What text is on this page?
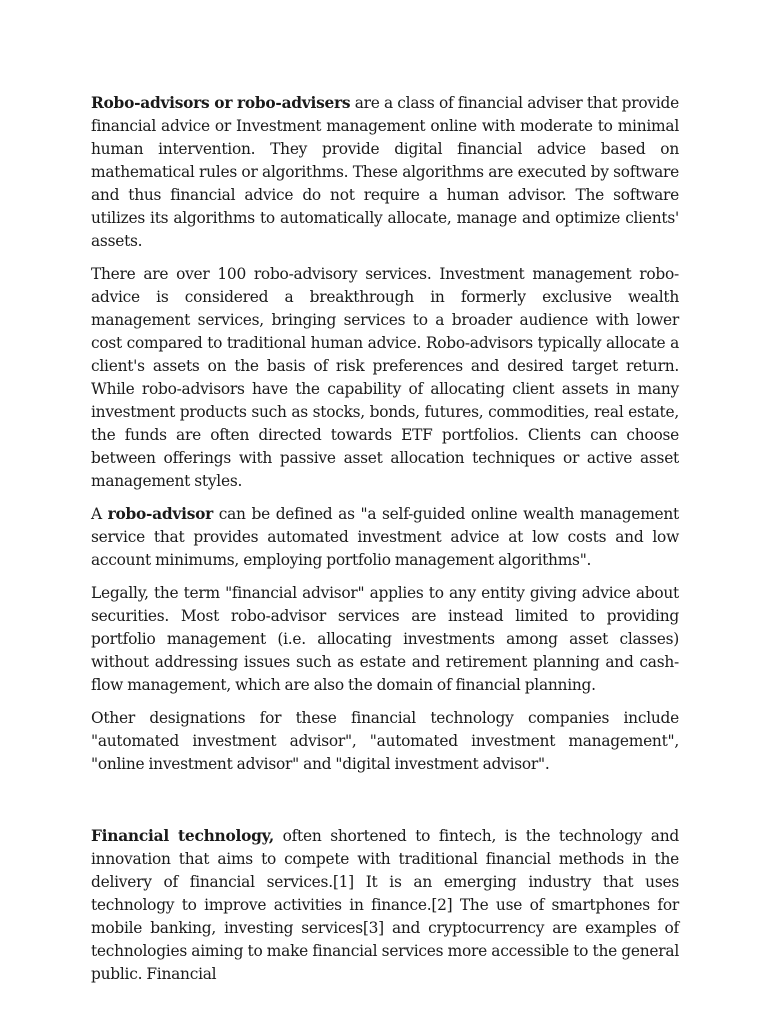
Robo-advisors or robo-advisers are a class of financial adviser that provide financial advice or Investment management online with moderate to minimal human intervention. They provide digital financial advice based on mathematical rules or algorithms. These algorithms are executed by software and thus financial advice do not require a human advisor. The software utilizes its algorithms to automatically allocate, manage and optimize clients' assets.

There are over 100 robo-advisory services. Investment management robo-advice is considered a breakthrough in formerly exclusive wealth management services, bringing services to a broader audience with lower cost compared to traditional human advice. Robo-advisors typically allocate a client's assets on the basis of risk preferences and desired target return. While robo-advisors have the capability of allocating client assets in many investment products such as stocks, bonds, futures, commodities, real estate, the funds are often directed towards ETF portfolios. Clients can choose between offerings with passive asset allocation techniques or active asset management styles.

A robo-advisor can be defined as "a self-guided online wealth management service that provides automated investment advice at low costs and low account minimums, employing portfolio management algorithms".

Legally, the term "financial advisor" applies to any entity giving advice about securities. Most robo-advisor services are instead limited to providing portfolio management (i.e. allocating investments among asset classes) without addressing issues such as estate and retirement planning and cash-flow management, which are also the domain of financial planning.

Other designations for these financial technology companies include "automated investment advisor", "automated investment management", "online investment advisor" and "digital investment advisor".

Financial technology, often shortened to fintech, is the technology and innovation that aims to compete with traditional financial methods in the delivery of financial services.[1] It is an emerging industry that uses technology to improve activities in finance.[2] The use of smartphones for mobile banking, investing services[3] and cryptocurrency are examples of technologies aiming to make financial services more accessible to the general public. Financial
